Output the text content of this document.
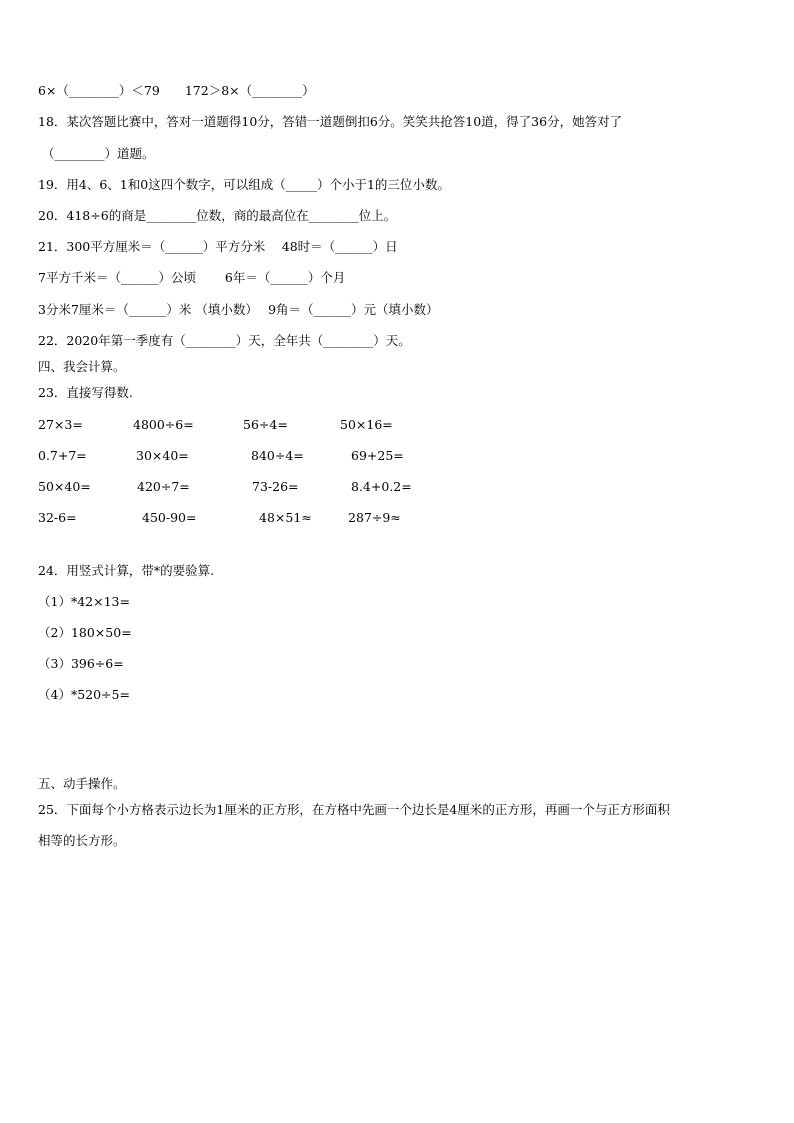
6×（________）＜79　　172＞8×（________）
18．某次答题比赛中，答对一道题得10分，答错一道题倒扣6分。笑笑共抢答10道，得了36分，她答对了
（________）道题。
19．用4、6、1和0这四个数字，可以组成（_____）个小于1的三位小数。
20．418÷6的商是________位数，商的最高位在________位上。
21．300平方厘米＝（______）平方分米　 48时＝（______）日
7平方千米＝（______）公顷　　 6年＝（______）个月
3分米7厘米＝（______）米 （填小数）　 9角＝（______）元（填小数）
22．2020年第一季度有（________）天，全年共（________）天。
四、我会计算。
23．直接写得数.
27×3=	4800÷6=	56÷4=	50×16=
0.7+7=	30×40=	840÷4=	69+25=
50×40=	420÷7=	73-26=	8.4+0.2=
32-6=	450-90=	48×51≈	287÷9≈
24．用竖式计算，带*的要验算.
（1）*42×13=
（2）180×50=
（3）396÷6=
（4）*520÷5=
五、动手操作。
25．下面每个小方格表示边长为1厘米的正方形，在方格中先画一个边长是4厘米的正方形，再画一个与正方形面积
相等的长方形。
